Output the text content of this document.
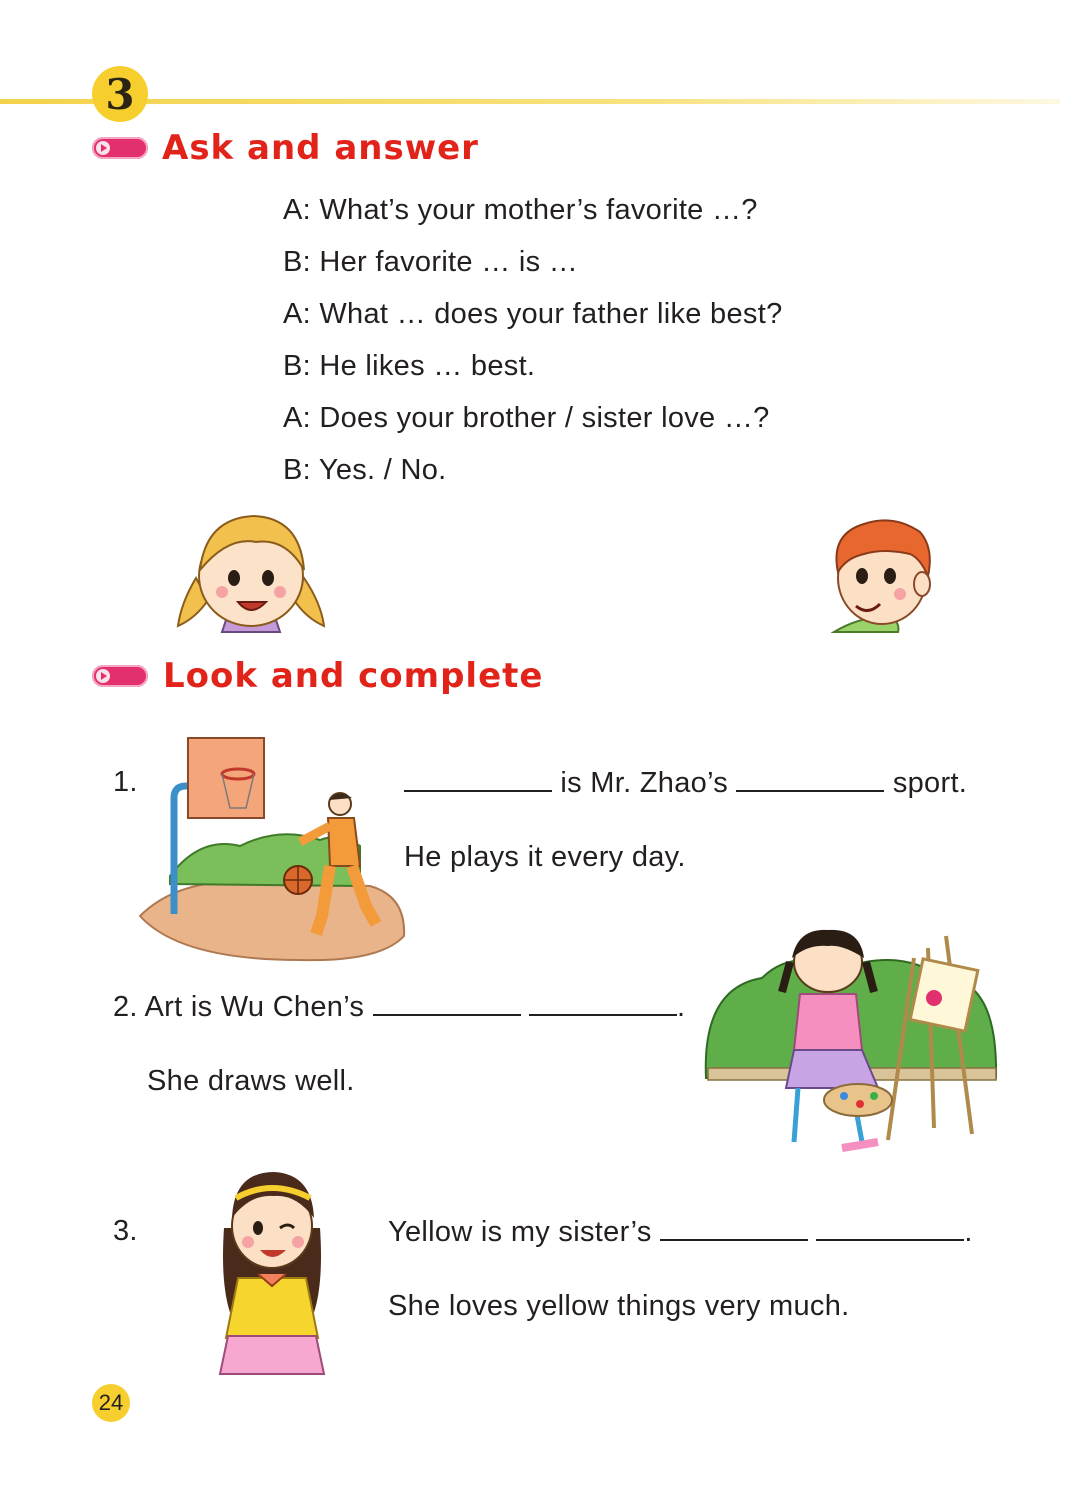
3
Ask and answer
A: What’s your mother’s favorite …?
B: Her favorite … is …
A: What … does your father like best?
B: He likes … best.
A: Does your brother / sister love …?
B: Yes. / No.
Look and complete
1.	is Mr. Zhao’s	sport.
He plays it every day.
2. Art is Wu Chen’s	.
She draws well.
3.	Yellow is my sister’s	.
She loves yellow things very much.
24
